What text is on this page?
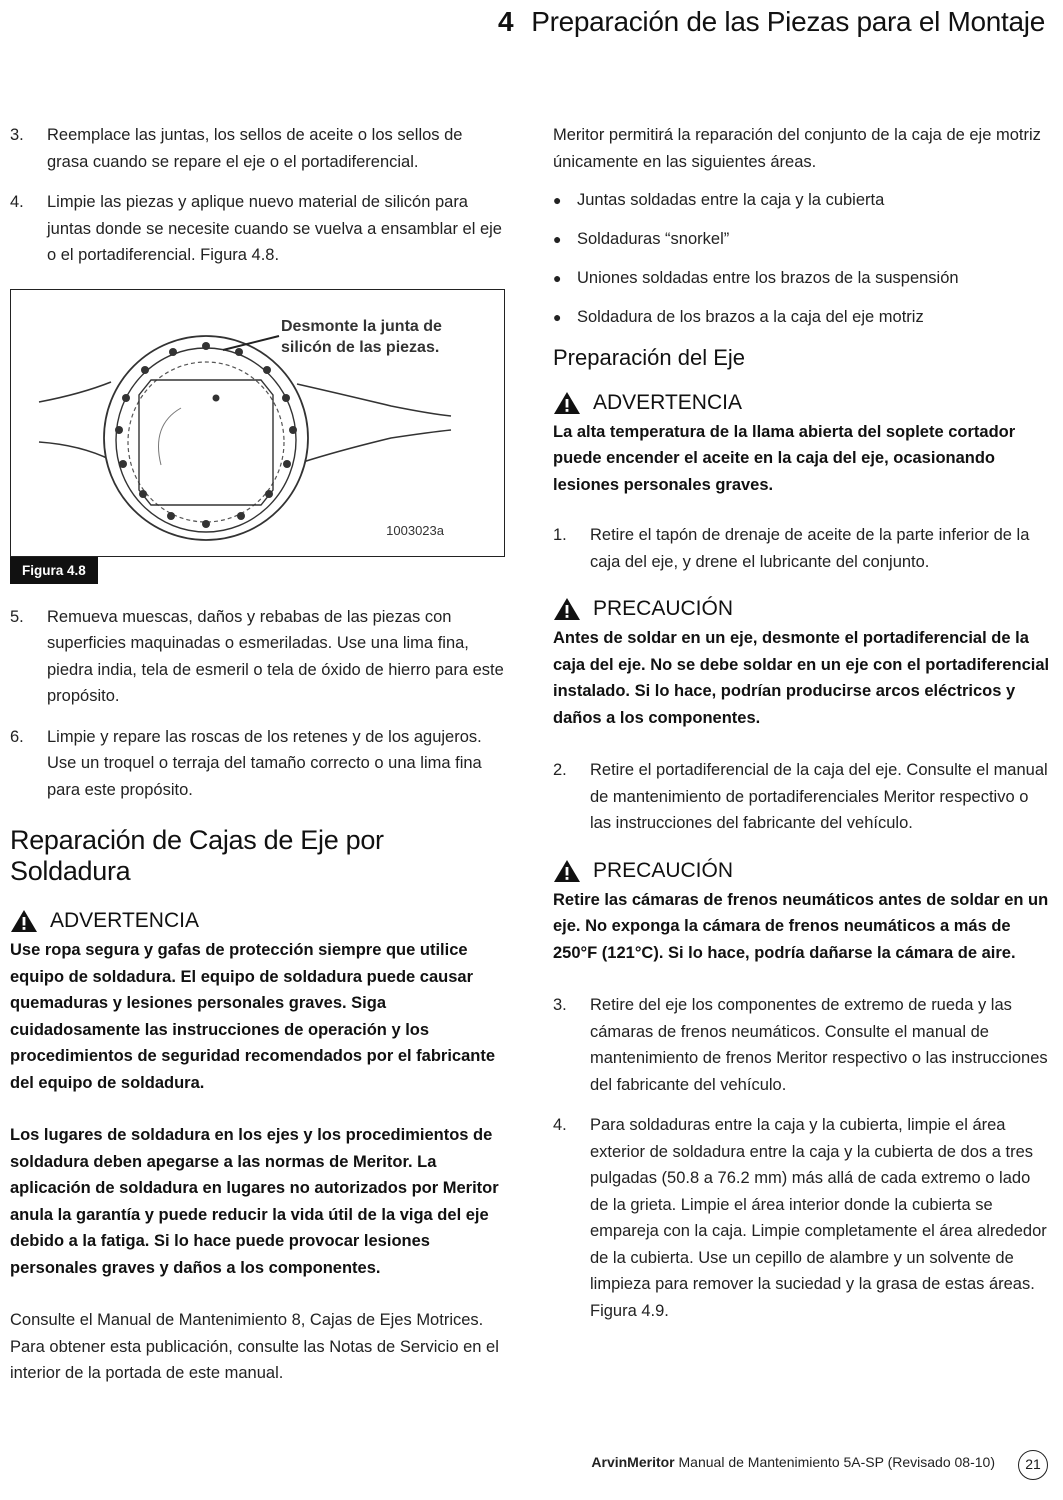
4 Preparación de las Piezas para el Montaje
3.	Reemplace las juntas, los sellos de aceite o los sellos de grasa cuando se repare el eje o el portadiferencial.
4.	Limpie las piezas y aplique nuevo material de silicón para juntas donde se necesite cuando se vuelva a ensamblar el eje o el portadiferencial. Figura 4.8.
Desmonte la junta de silicón de las piezas.
1003023a
Figura 4.8
5.	Remueva muescas, daños y rebabas de las piezas con superficies maquinadas o esmeriladas. Use una lima fina, piedra india, tela de esmeril o tela de óxido de hierro para este propósito.
6.	Limpie y repare las roscas de los retenes y de los agujeros. Use un troquel o terraja del tamaño correcto o una lima fina para este propósito.
Reparación de Cajas de Eje por Soldadura
ADVERTENCIA
Use ropa segura y gafas de protección siempre que utilice equipo de soldadura. El equipo de soldadura puede causar quemaduras y lesiones personales graves. Siga cuidadosamente las instrucciones de operación y los procedimientos de seguridad recomendados por el fabricante del equipo de soldadura.
Los lugares de soldadura en los ejes y los procedimientos de soldadura deben apegarse a las normas de Meritor. La aplicación de soldadura en lugares no autorizados por Meritor anula la garantía y puede reducir la vida útil de la viga del eje debido a la fatiga. Si lo hace puede provocar lesiones personales graves y daños a los componentes.
Consulte el Manual de Mantenimiento 8, Cajas de Ejes Motrices. Para obtener esta publicación, consulte las Notas de Servicio en el interior de la portada de este manual.
Meritor permitirá la reparación del conjunto de la caja de eje motriz únicamente en las siguientes áreas.
● Juntas soldadas entre la caja y la cubierta
● Soldaduras “snorkel”
● Uniones soldadas entre los brazos de la suspensión
● Soldadura de los brazos a la caja del eje motriz
Preparación del Eje
ADVERTENCIA
La alta temperatura de la llama abierta del soplete cortador puede encender el aceite en la caja del eje, ocasionando lesiones personales graves.
1.	Retire el tapón de drenaje de aceite de la parte inferior de la caja del eje, y drene el lubricante del conjunto.
PRECAUCIÓN
Antes de soldar en un eje, desmonte el portadiferencial de la caja del eje. No se debe soldar en un eje con el portadiferencial instalado. Si lo hace, podrían producirse arcos eléctricos y daños a los componentes.
2.	Retire el portadiferencial de la caja del eje. Consulte el manual de mantenimiento de portadiferenciales Meritor respectivo o las instrucciones del fabricante del vehículo.
PRECAUCIÓN
Retire las cámaras de frenos neumáticos antes de soldar en un eje. No exponga la cámara de frenos neumáticos a más de 250°F (121°C). Si lo hace, podría dañarse la cámara de aire.
3.	Retire del eje los componentes de extremo de rueda y las cámaras de frenos neumáticos. Consulte el manual de mantenimiento de frenos Meritor respectivo o las instrucciones del fabricante del vehículo.
4.	Para soldaduras entre la caja y la cubierta, limpie el área exterior de soldadura entre la caja y la cubierta de dos a tres pulgadas (50.8 a 76.2 mm) más allá de cada extremo o lado de la grieta. Limpie el área interior donde la cubierta se empareja con la caja. Limpie completamente el área alrededor de la cubierta. Use un cepillo de alambre y un solvente de limpieza para remover la suciedad y la grasa de estas áreas. Figura 4.9.
ArvinMeritor Manual de Mantenimiento 5A-SP (Revisado 08-10)	21
